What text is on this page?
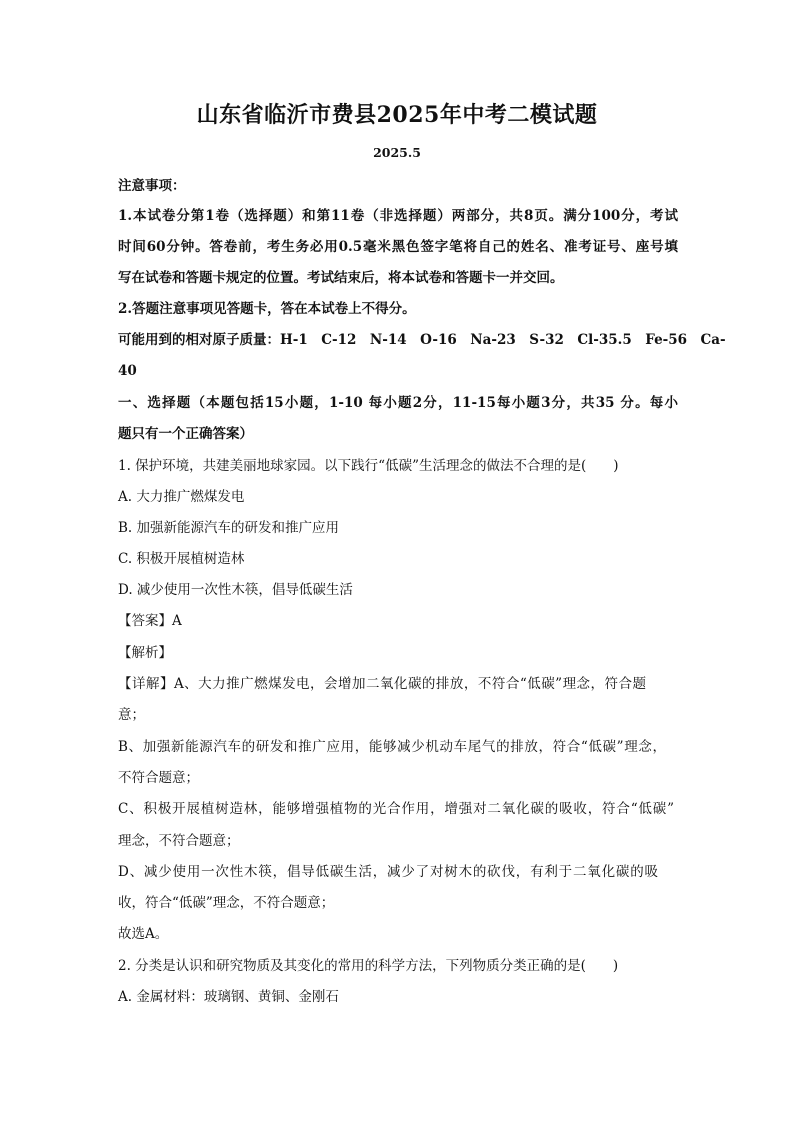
山东省临沂市费县2025年中考二模试题
2025.5
注意事项：
1.本试卷分第1卷（选择题）和第11卷（非选择题）两部分，共8页。满分100分，考试
时间60分钟。答卷前，考生务必用0.5毫米黑色签字笔将自己的姓名、准考证号、座号填
写在试卷和答题卡规定的位置。考试结束后，将本试卷和答题卡一并交回。
2.答题注意事项见答题卡，答在本试卷上不得分。
可能用到的相对原子质量：H-1　C-12　N-14　O-16　Na-23　S-32　Cl-35.5　Fe-56　Ca-
40
一、选择题（本题包括15小题，1-10 每小题2分，11-15每小题3分，共35 分。每小
题只有一个正确答案）
1. 保护环境，共建美丽地球家园。以下践行“低碳”生活理念的做法不合理的是(　　)
A. 大力推广燃煤发电
B. 加强新能源汽车的研发和推广应用
C. 积极开展植树造林
D. 减少使用一次性木筷，倡导低碳生活
【答案】A
【解析】
【详解】A、大力推广燃煤发电，会增加二氧化碳的排放，不符合“低碳”理念，符合题
意；
B、加强新能源汽车的研发和推广应用，能够减少机动车尾气的排放，符合“低碳”理念，
不符合题意；
C、积极开展植树造林，能够增强植物的光合作用，增强对二氧化碳的吸收，符合“低碳”
理念，不符合题意；
D、减少使用一次性木筷，倡导低碳生活，减少了对树木的砍伐，有利于二氧化碳的吸
收，符合“低碳”理念，不符合题意；
故选A。
2. 分类是认识和研究物质及其变化的常用的科学方法，下列物质分类正确的是(　　)
A. 金属材料：玻璃钢、黄铜、金刚石
